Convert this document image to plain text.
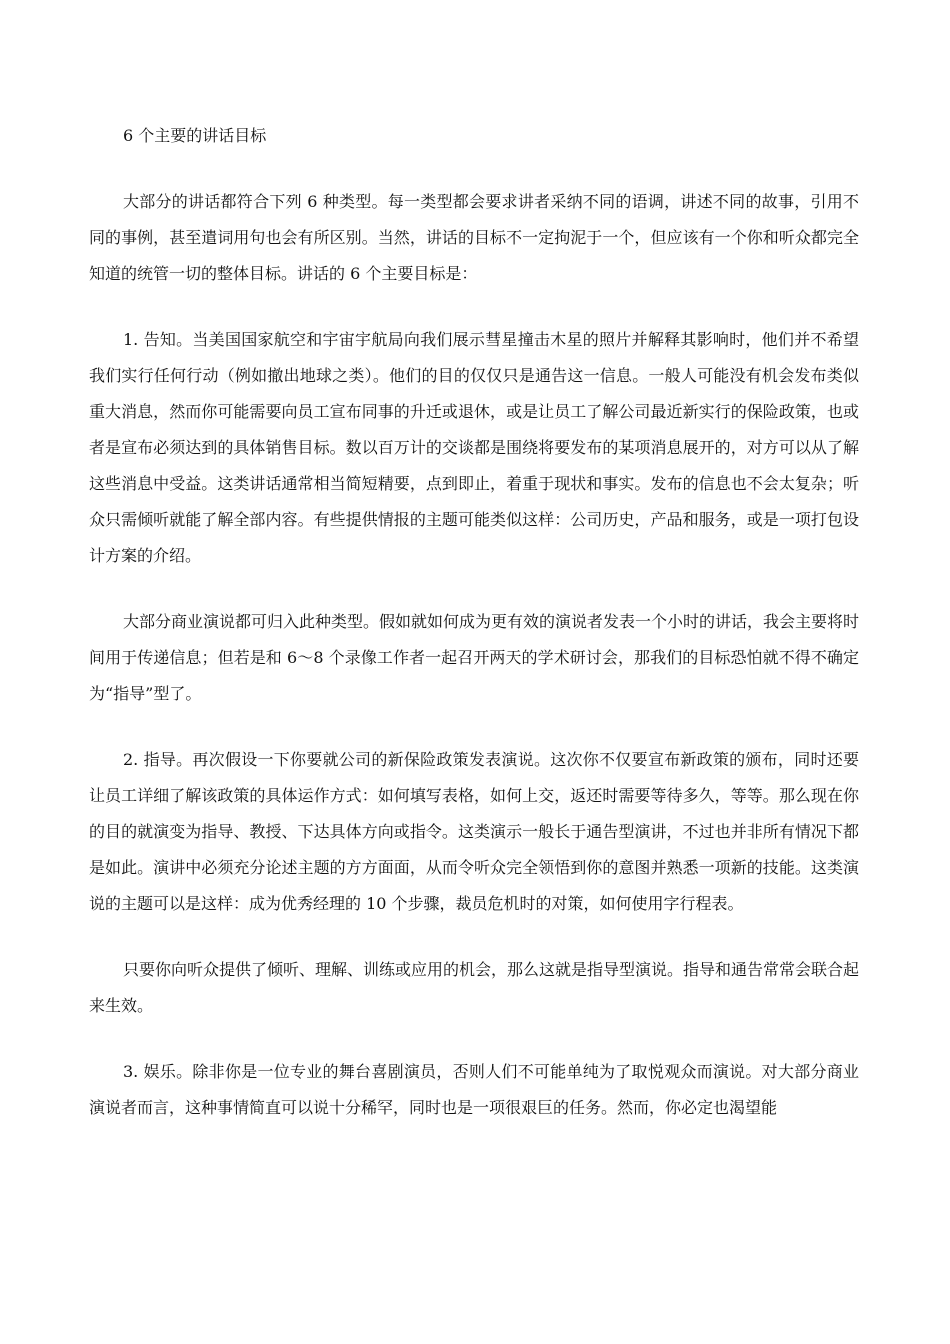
6 个主要的讲话目标

大部分的讲话都符合下列 6 种类型。每一类型都会要求讲者采纳不同的语调，讲述不同的故事，引用不同的事例，甚至遣词用句也会有所区别。当然，讲话的目标不一定拘泥于一个，但应该有一个你和听众都完全知道的统管一切的整体目标。讲话的 6 个主要目标是：

1. 告知。当美国国家航空和宇宙宇航局向我们展示彗星撞击木星的照片并解释其影响时，他们并不希望我们实行任何行动（例如撤出地球之类）。他们的目的仅仅只是通告这一信息。一般人可能没有机会发布类似重大消息，然而你可能需要向员工宣布同事的升迁或退休，或是让员工了解公司最近新实行的保险政策，也或者是宣布必须达到的具体销售目标。数以百万计的交谈都是围绕将要发布的某项消息展开的，对方可以从了解这些消息中受益。这类讲话通常相当简短精要，点到即止，着重于现状和事实。发布的信息也不会太复杂；听众只需倾听就能了解全部内容。有些提供情报的主题可能类似这样：公司历史，产品和服务，或是一项打包设计方案的介绍。

大部分商业演说都可归入此种类型。假如就如何成为更有效的演说者发表一个小时的讲话，我会主要将时间用于传递信息；但若是和 6～8 个录像工作者一起召开两天的学术研讨会，那我们的目标恐怕就不得不确定为“指导”型了。

2. 指导。再次假设一下你要就公司的新保险政策发表演说。这次你不仅要宣布新政策的颁布，同时还要让员工详细了解该政策的具体运作方式：如何填写表格，如何上交，返还时需要等待多久，等等。那么现在你的目的就演变为指导、教授、下达具体方向或指令。这类演示一般长于通告型演讲，不过也并非所有情况下都是如此。演讲中必须充分论述主题的方方面面，从而令听众完全领悟到你的意图并熟悉一项新的技能。这类演说的主题可以是这样：成为优秀经理的 10 个步骤，裁员危机时的对策，如何使用字行程表。

只要你向听众提供了倾听、理解、训练或应用的机会，那么这就是指导型演说。指导和通告常常会联合起来生效。

3. 娱乐。除非你是一位专业的舞台喜剧演员，否则人们不可能单纯为了取悦观众而演说。对大部分商业演说者而言，这种事情简直可以说十分稀罕，同时也是一项很艰巨的任务。然而，你必定也渴望能
